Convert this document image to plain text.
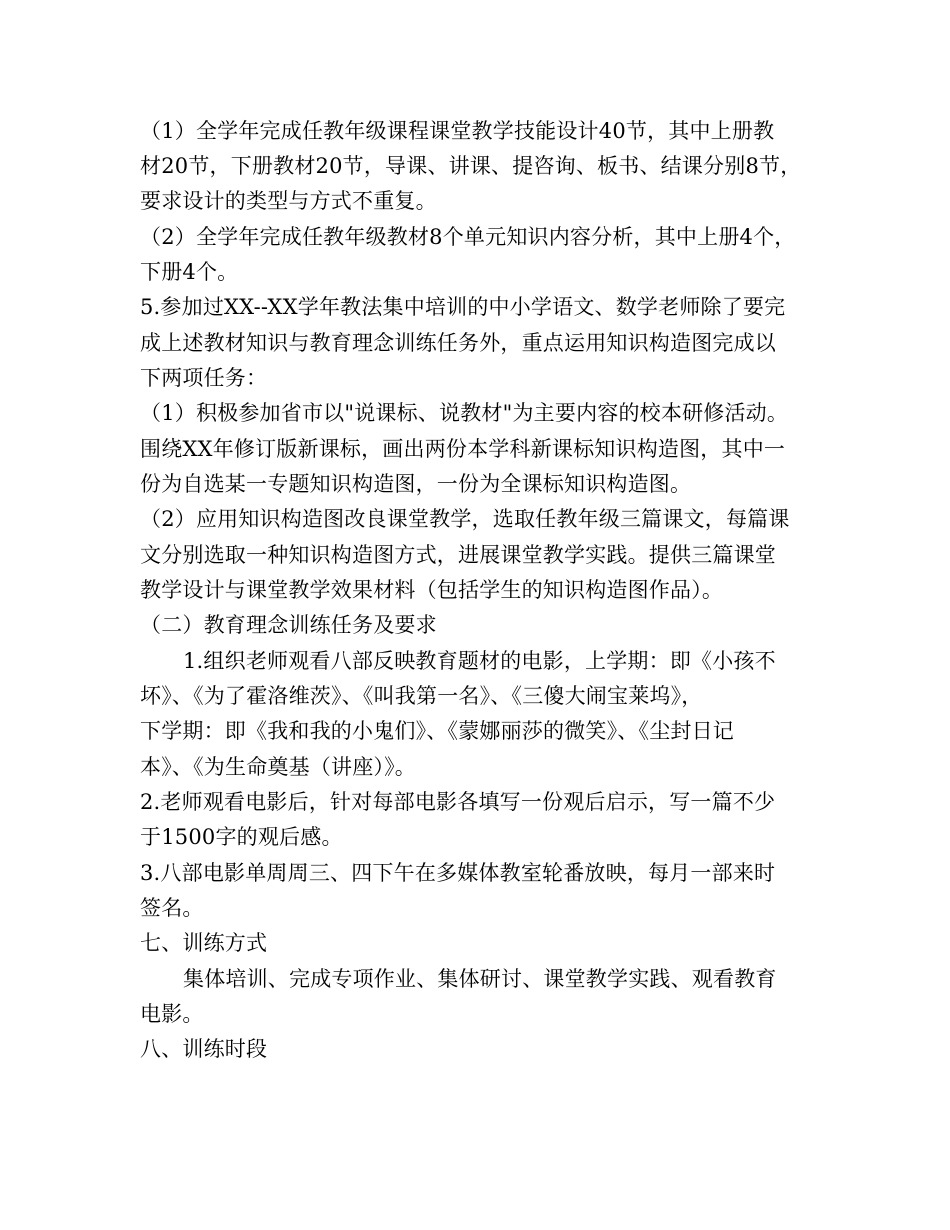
（1）全学年完成任教年级课程课堂教学技能设计40节，其中上册教
材20节，下册教材20节，导课、讲课、提咨询、板书、结课分别8节，
要求设计的类型与方式不重复。
（2）全学年完成任教年级教材8个单元知识内容分析，其中上册4个，
下册4个。
5.参加过XX--XX学年教法集中培训的中小学语文、数学老师除了要完
成上述教材知识与教育理念训练任务外，重点运用知识构造图完成以
下两项任务：
（1）积极参加省市以"说课标、说教材"为主要内容的校本研修活动。
围绕XX年修订版新课标，画出两份本学科新课标知识构造图，其中一
份为自选某一专题知识构造图，一份为全课标知识构造图。
（2）应用知识构造图改良课堂教学，选取任教年级三篇课文，每篇课
文分别选取一种知识构造图方式，进展课堂教学实践。提供三篇课堂
教学设计与课堂教学效果材料（包括学生的知识构造图作品）。
（二）教育理念训练任务及要求
1.组织老师观看八部反映教育题材的电影，上学期：即《小孩不
坏》、《为了霍洛维茨》、《叫我第一名》、《三傻大闹宝莱坞》，
下学期：即《我和我的小鬼们》、《蒙娜丽莎的微笑》、《尘封日记
本》、《为生命奠基（讲座）》。
2.老师观看电影后，针对每部电影各填写一份观后启示，写一篇不少
于1500字的观后感。
3.八部电影单周周三、四下午在多媒体教室轮番放映，每月一部来时
签名。
七、训练方式
集体培训、完成专项作业、集体研讨、课堂教学实践、观看教育
电影。
八、训练时段
